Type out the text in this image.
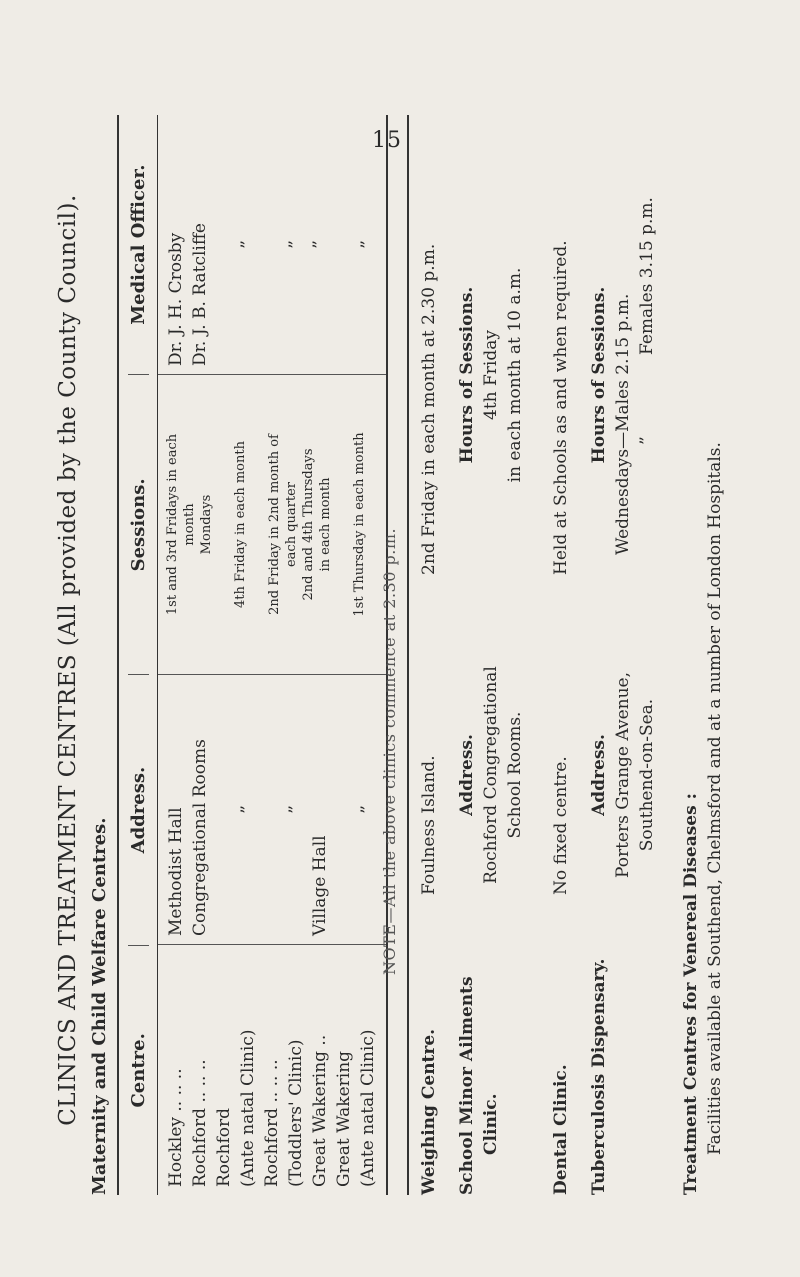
15
CLINICS AND TREATMENT CENTRES (All provided by the County Council). Maternity and Child Welfare Centres. Centre.
Address.
Sessions.
Medical Officer.
Hockley .. .. .. Rochford .. .. .. Rochford (Ante natal Clinic) Rochford .. .. .. (Toddlers' Clinic) Great Wakering .. Great Wakering (Ante natal Clinic)
Methodist Hall Congregational Rooms
”
”
Village Hall

”
1st and 3rd Fridays in each month Mondays
4th Friday in each month
2nd Friday in 2nd month of each quarter 2nd and 4th Thursdays in each month
1st Thursday in each month
Dr. J. H. Crosby Dr. J. B. Ratcliffe
”
” ”
”
NOTE—All the above clinics commence at 2.30 p.m.
Weighing Centre.
Foulness Island.
2nd Friday in each month at 2.30 p.m.
School Minor Ailments Clinic.
Address.
Hours of Sessions.
Rochford Congregational School Rooms.
4th Friday in each month at 10 a.m.
Dental Clinic.
No fixed centre.
Held at Schools as and when required.
Tuberculosis Dispensary.
Address.
Hours of Sessions.
Porters Grange Avenue, Southend-on-Sea.
Wednesdays—Males 2.15 p.m. ”
Females 3.15 p.m.
Treatment Centres for Venereal Diseases : Facilities available at Southend, Chelmsford and at a number of London Hospitals.
